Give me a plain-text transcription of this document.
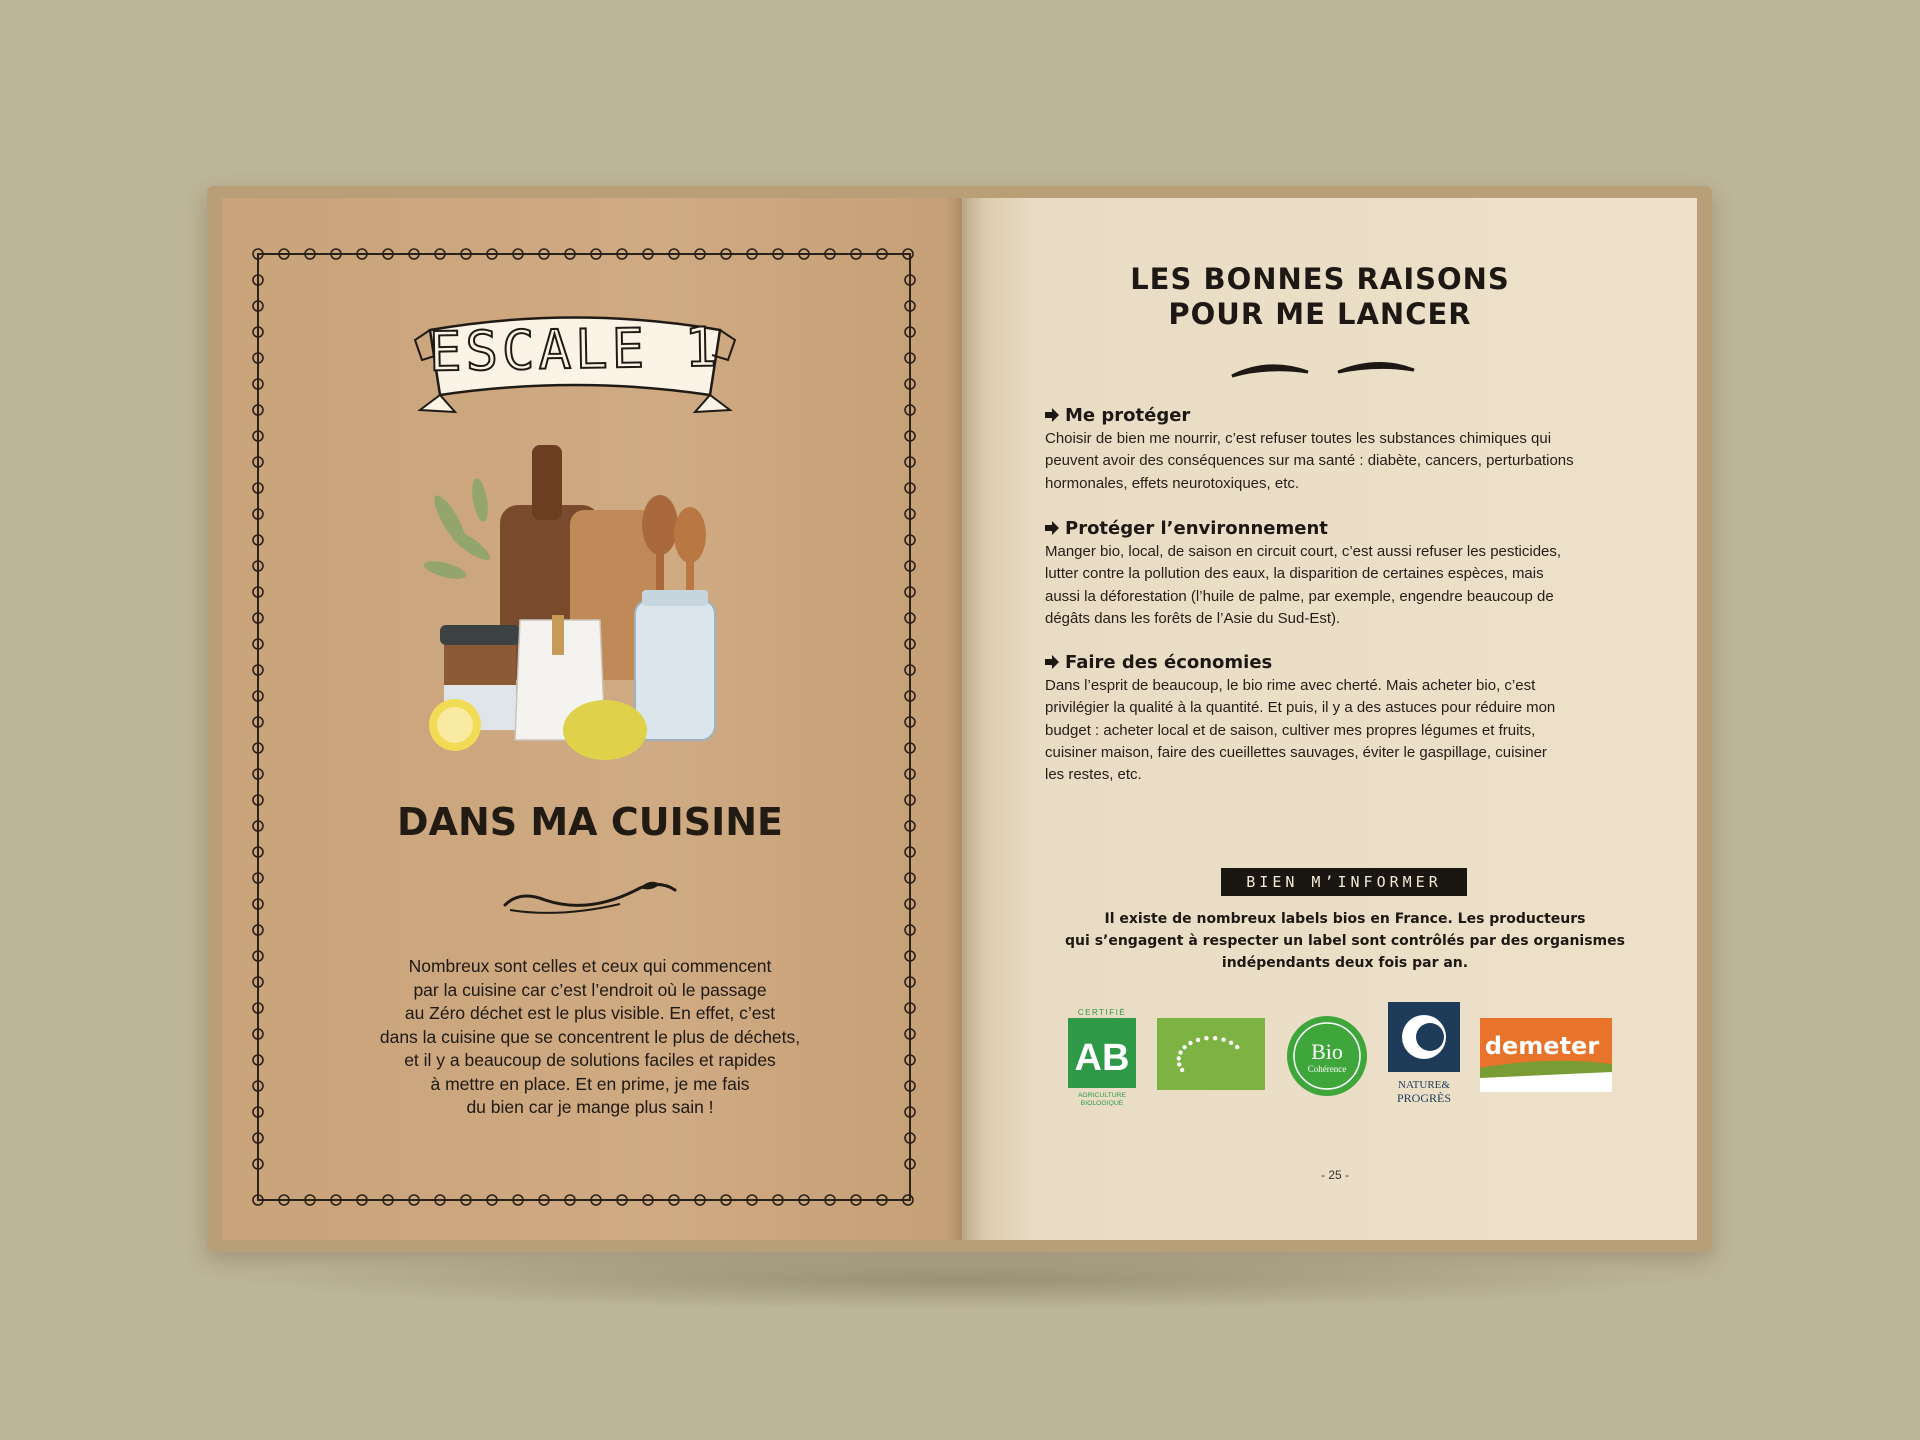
ESCALE 1
DANS MA CUISINE

Nombreux sont celles et ceux qui commencent

par la cuisine car c’est l’endroit où le passage

au Zéro déchet est le plus visible. En effet, c’est

dans la cuisine que se concentrent le plus de déchets,

et il y a beaucoup de solutions faciles et rapides

à mettre en place. Et en prime, je me fais

du bien car je mange plus sain !

LES BONNES RAISONS
POUR ME LANCER
Me protéger

Choisir de bien me nourrir, c’est refuser toutes les substances chimiques qui

peuvent avoir des conséquences sur ma santé : diabète, cancers, perturbations

hormonales, effets neurotoxiques, etc.

Protéger l’environnement

Manger bio, local, de saison en circuit court, c’est aussi refuser les pesticides,

lutter contre la pollution des eaux, la disparition de certaines espèces, mais

aussi la déforestation (l’huile de palme, par exemple, engendre beaucoup de

dégâts dans les forêts de l’Asie du Sud-Est).

Faire des économies

Dans l’esprit de beaucoup, le bio rime avec cherté. Mais acheter bio, c’est

privilégier la qualité à la quantité. Et puis, il y a des astuces pour réduire mon

budget : acheter local et de saison, cultiver mes propres légumes et fruits,

cuisiner maison, faire des cueillettes sauvages, éviter le gaspillage, cuisiner

les restes, etc.

BIEN M’INFORMER

Il existe de nombreux labels bios en France. Les producteurs

qui s’engagent à respecter un label sont contrôlés par des organismes

indépendants deux fois par an.

CERTIFIÉ
AB
AGRICULTURE
BIOLOGIQUE
Bio
Cohérence
NATURE&
PROGRÈS
demeter
- 25 -
